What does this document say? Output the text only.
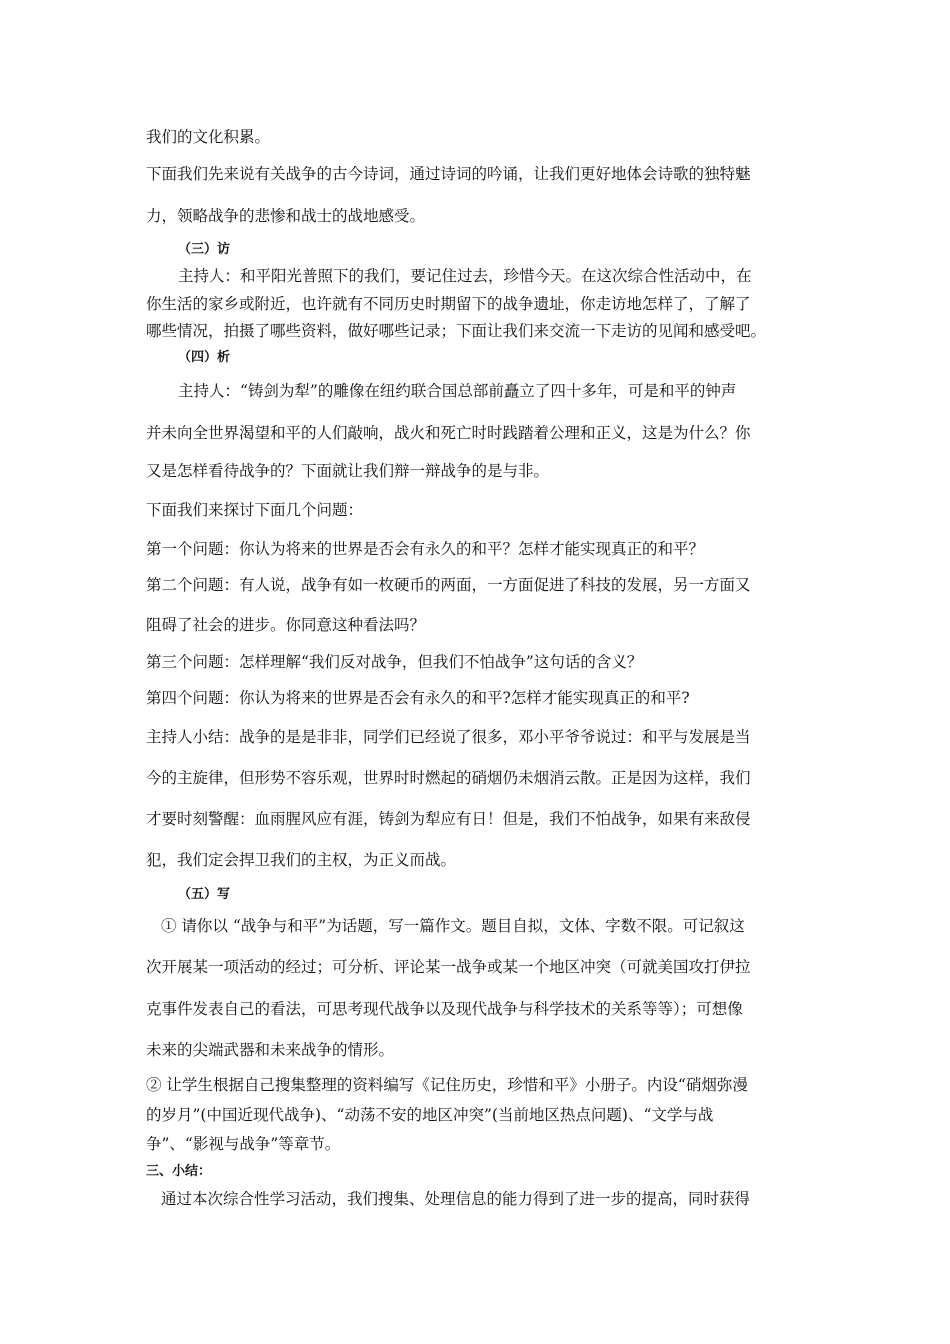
我们的文化积累。
下面我们先来说有关战争的古今诗词，通过诗词的吟诵，让我们更好地体会诗歌的独特魅
力，领略战争的悲惨和战士的战地感受。
（三）访
主持人：和平阳光普照下的我们，要记住过去，珍惜今天。在这次综合性活动中，在
你生活的家乡或附近，也许就有不同历史时期留下的战争遗址，你走访地怎样了，了解了
哪些情况，拍摄了哪些资料，做好哪些记录；下面让我们来交流一下走访的见闻和感受吧。
（四）析
主持人：“铸剑为犁”的雕像在纽约联合国总部前矗立了四十多年，可是和平的钟声
并未向全世界渴望和平的人们敲响，战火和死亡时时践踏着公理和正义，这是为什么？你
又是怎样看待战争的？下面就让我们辩一辩战争的是与非。
下面我们来探讨下面几个问题：
第一个问题：你认为将来的世界是否会有永久的和平？怎样才能实现真正的和平？
第二个问题：有人说，战争有如一枚硬币的两面，一方面促进了科技的发展，另一方面又
阻碍了社会的进步。你同意这种看法吗？
第三个问题：怎样理解“我们反对战争，但我们不怕战争”这句话的含义？
第四个问题：你认为将来的世界是否会有永久的和平?怎样才能实现真正的和平?
主持人小结：战争的是是非非，同学们已经说了很多，邓小平爷爷说过：和平与发展是当
今的主旋律，但形势不容乐观，世界时时燃起的硝烟仍未烟消云散。正是因为这样，我们
才要时刻警醒：血雨腥风应有涯，铸剑为犁应有日！但是，我们不怕战争，如果有来敌侵
犯，我们定会捍卫我们的主权，为正义而战。
（五）写
① 请你以 “战争与和平”为话题，写一篇作文。题目自拟，文体、字数不限。可记叙这
次开展某一项活动的经过；可分析、评论某一战争或某一个地区冲突（可就美国攻打伊拉
克事件发表自己的看法，可思考现代战争以及现代战争与科学技术的关系等等）；可想像
未来的尖端武器和未来战争的情形。
② 让学生根据自己搜集整理的资料编写《记住历史，珍惜和平》小册子。内设“硝烟弥漫
的岁月”(中国近现代战争)、“动荡不安的地区冲突”(当前地区热点问题)、“文学与战
争”、“影视与战争”等章节。
三、小结：
通过本次综合性学习活动，我们搜集、处理信息的能力得到了进一步的提高，同时获得
